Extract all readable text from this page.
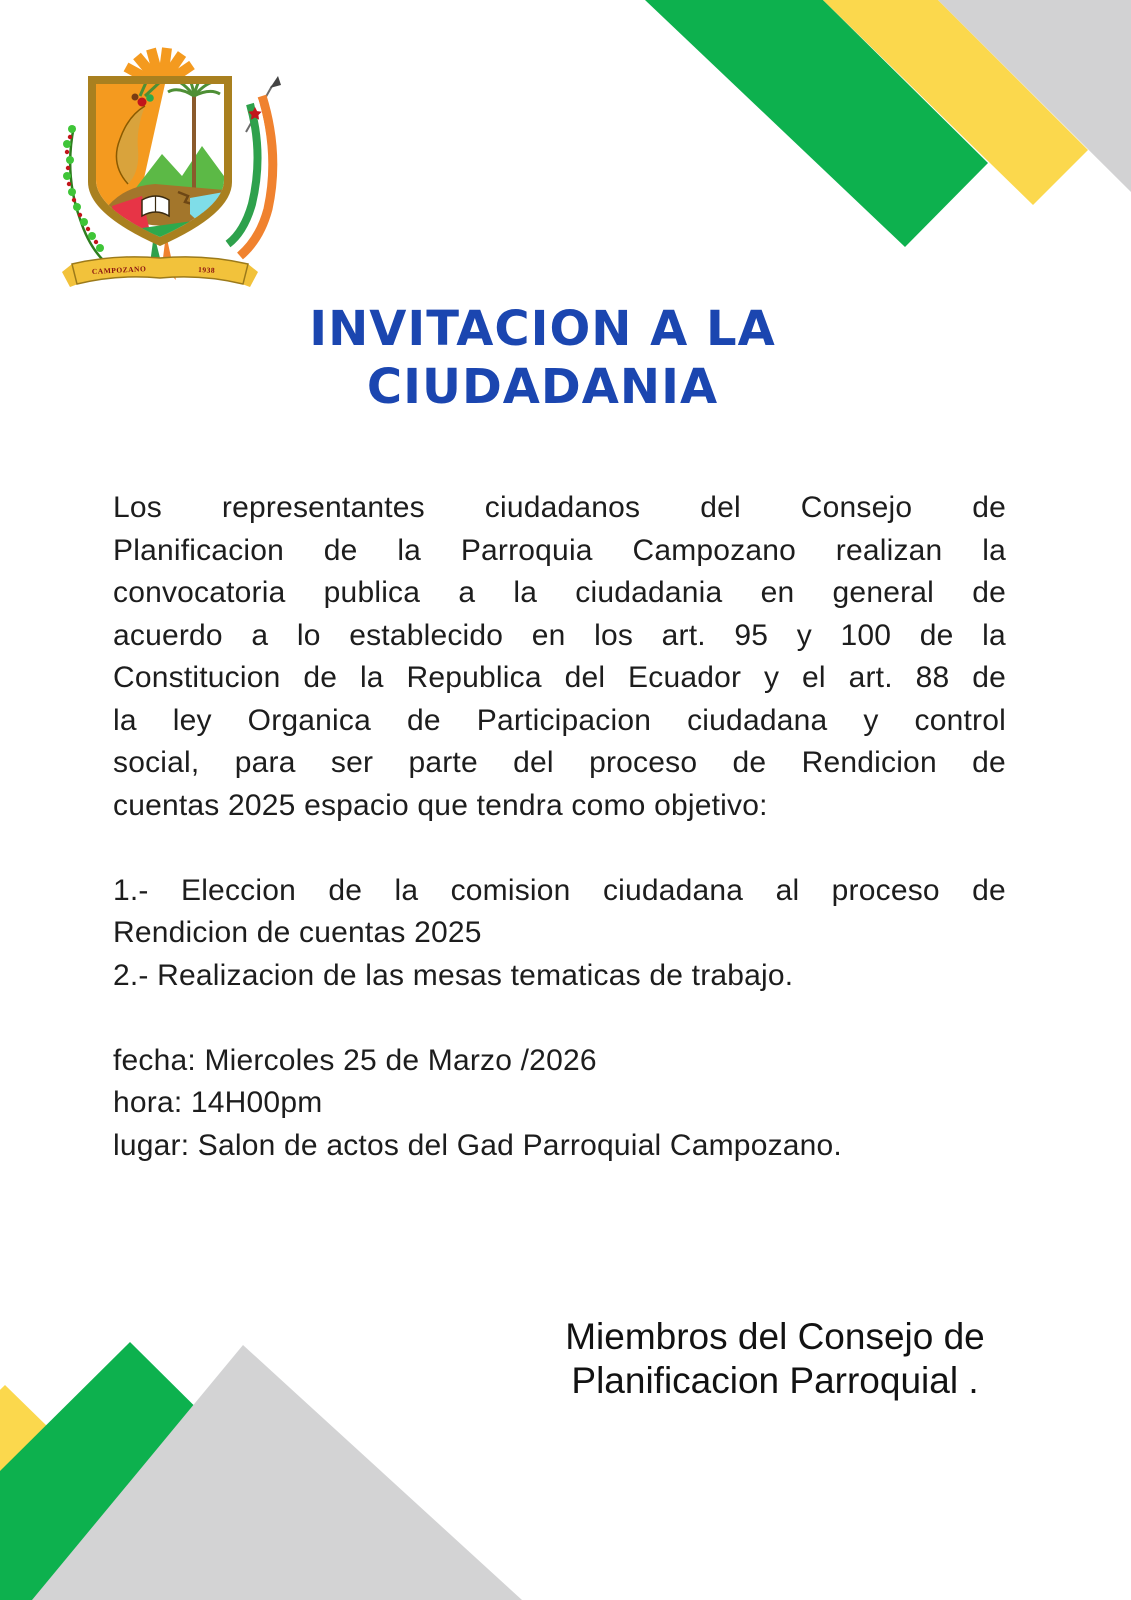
CAMPOZANO	1938
INVITACION A LA
CIUDADANIA
Los representantes ciudadanos del Consejo de
Planificacion de la Parroquia Campozano realizan la
convocatoria publica a la ciudadania en general de
acuerdo a lo establecido en los art. 95 y 100 de la
Constitucion de la Republica del Ecuador y el art. 88 de
la ley Organica de Participacion ciudadana y control
social, para ser parte del proceso de Rendicion de
cuentas 2025 espacio que tendra como objetivo:
1.- Eleccion de la comision ciudadana al proceso de
Rendicion de cuentas 2025
2.- Realizacion de las mesas tematicas de trabajo.
fecha: Miercoles 25 de Marzo /2026
hora: 14H00pm
lugar: Salon de actos del Gad Parroquial Campozano.
Miembros del Consejo de
Planificacion Parroquial .
